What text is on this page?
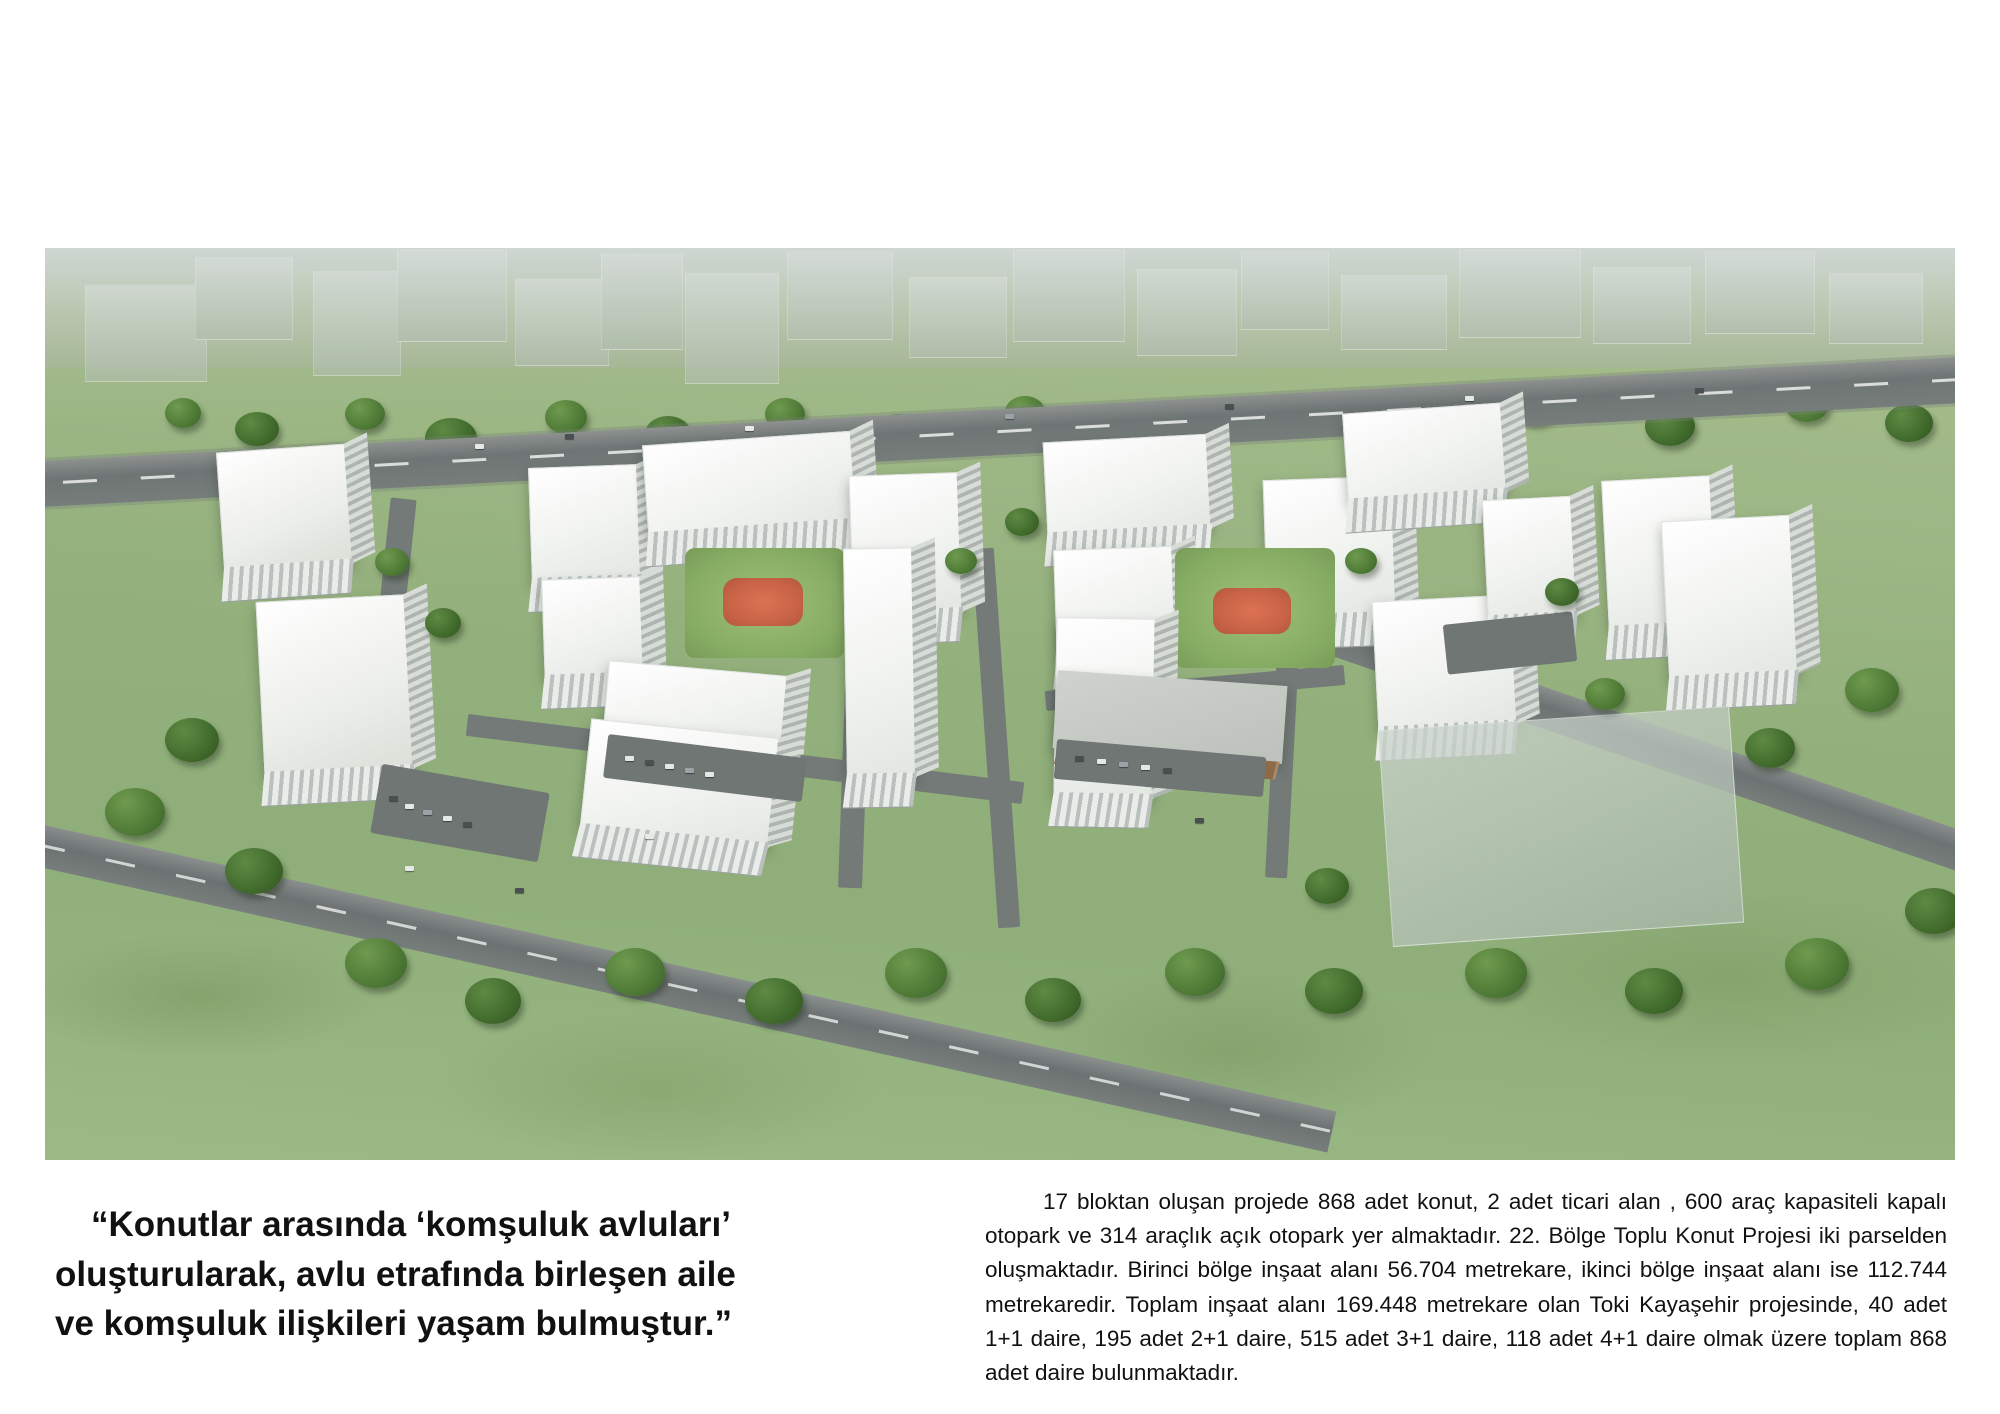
“Konutlar arasında ‘komşuluk avluları’
oluşturularak, avlu etrafında birleşen aile
ve komşuluk ilişkileri yaşam bulmuştur.”

17 bloktan oluşan projede 868 adet konut, 2 adet ticari alan , 600 araç kapasiteli kapalı otopark ve 314 araçlık açık otopark yer almaktadır. 22. Bölge Toplu Konut Projesi iki parselden oluşmaktadır. Birinci bölge inşaat alanı 56.704 metrekare, ikinci bölge inşaat alanı ise 112.744 metrekaredir. Toplam inşaat alanı 169.448 metrekare olan Toki Kayaşehir projesinde, 40 adet 1+1 daire, 195 adet 2+1 daire, 515 adet 3+1 daire, 118 adet 4+1 daire olmak üzere toplam 868 adet daire bulunmaktadır.
